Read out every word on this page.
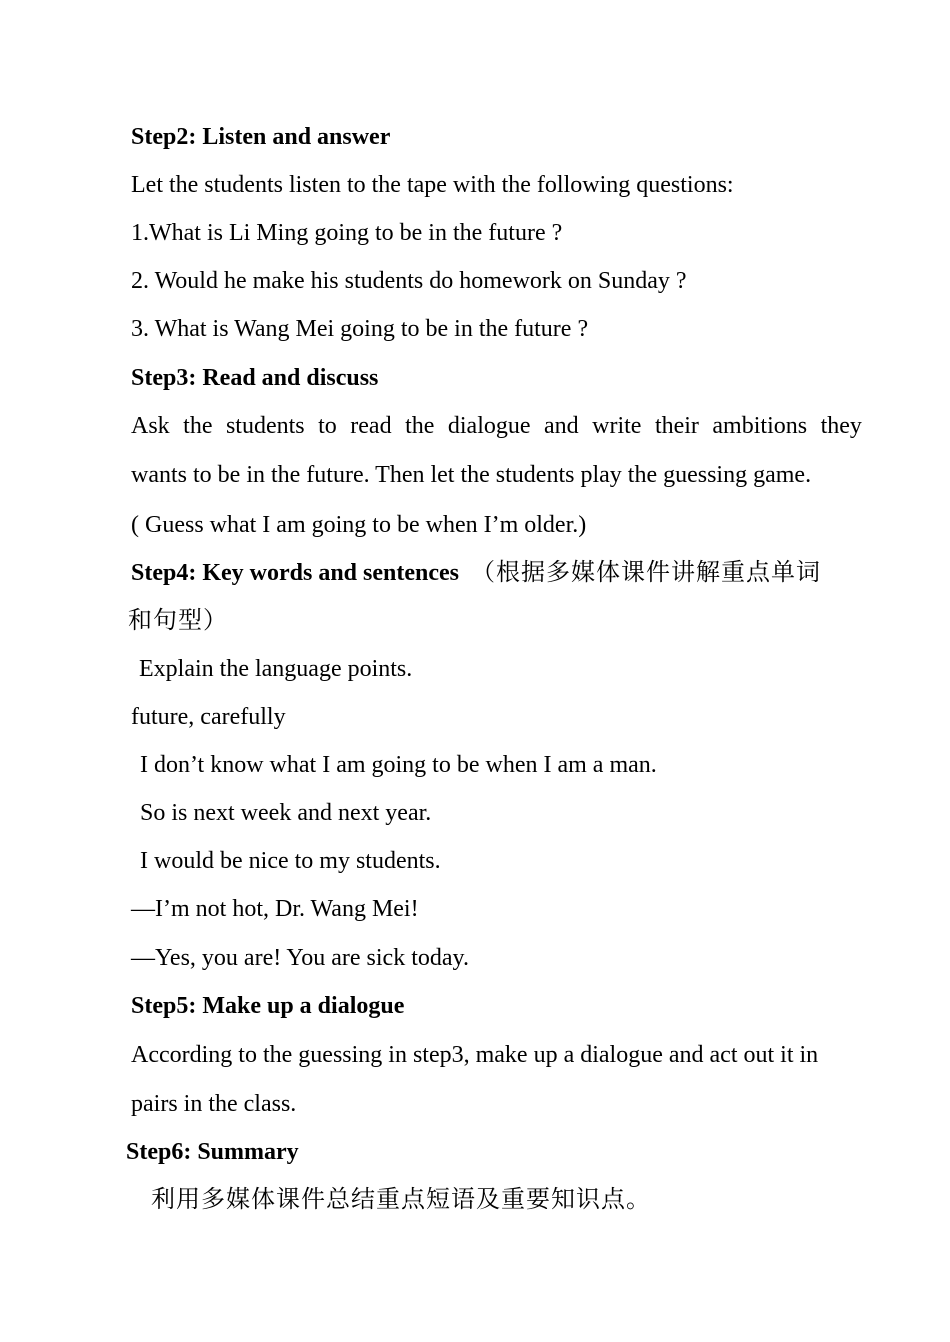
Step2: Listen and answer
Let the students listen to the tape with the following questions:
1.What is Li Ming going to be in the future ?
2. Would he make his students do homework on Sunday ?
3. What is Wang Mei going to be in the future ?
Step3: Read and discuss
Ask the students to read the dialogue and write their ambitions they
wants to be in the future. Then let the students play the guessing game.
( Guess what I am going to be when I’m older.)
Step4: Key words and sentences （根据多媒体课件讲解重点单词
和句型）
Explain the language points.
future, carefully
I don’t know what I am going to be when I am a man.
So is next week and next year.
I would be nice to my students.
—I’m not hot, Dr. Wang Mei!
—Yes, you are! You are sick today.
Step5: Make up a dialogue
According to the guessing in step3, make up a dialogue and act out it in
pairs in the class.
Step6: Summary
利用多媒体课件总结重点短语及重要知识点。
